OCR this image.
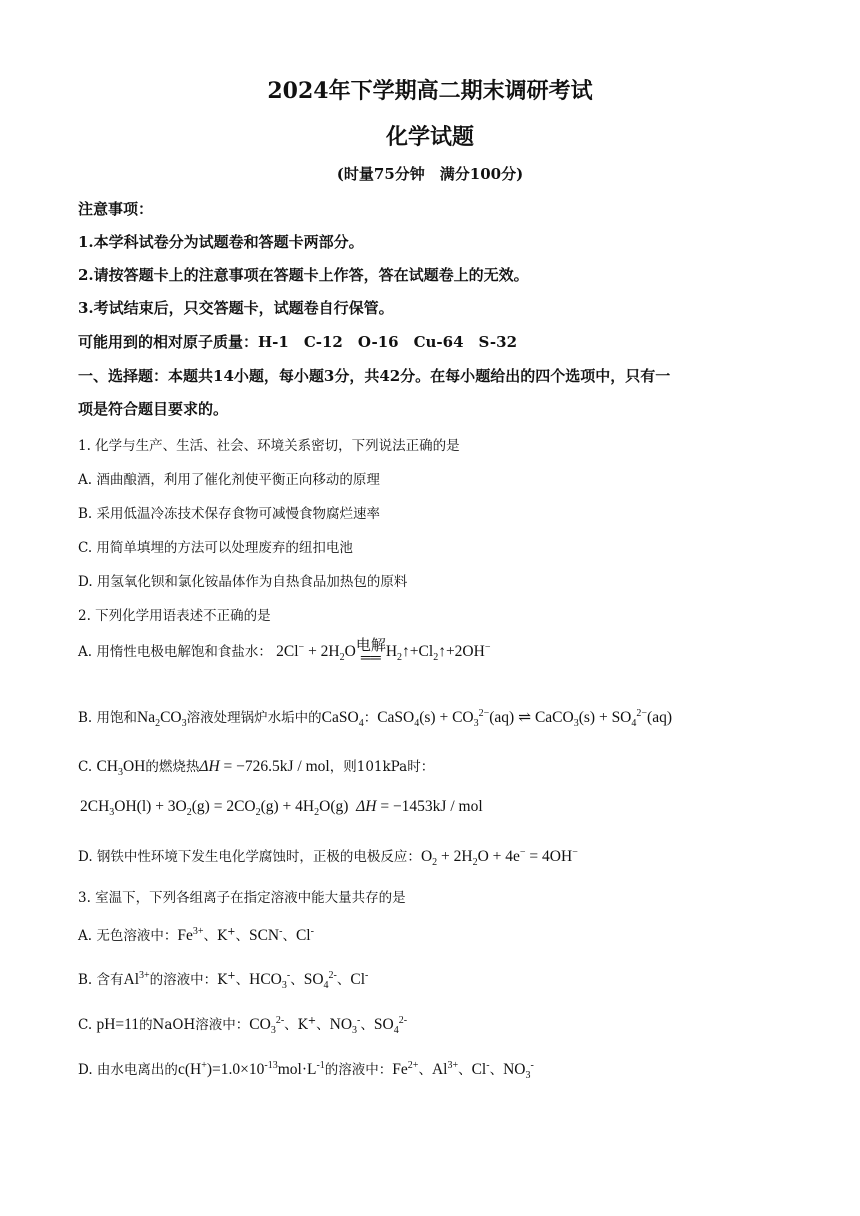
2024年下学期高二期末调研考试
化学试题
(时量75分钟　满分100分)
注意事项：
1.本学科试卷分为试题卷和答题卡两部分。
2.请按答题卡上的注意事项在答题卡上作答，答在试题卷上的无效。
3.考试结束后，只交答题卡，试题卷自行保管。
可能用到的相对原子质量：H-1　C-12　O-16　Cu-64　S-32
一、选择题：本题共14小题，每小题3分，共42分。在每小题给出的四个选项中，只有一
项是符合题目要求的。
1. 化学与生产、生活、社会、环境关系密切，下列说法正确的是
A. 酒曲酿酒，利用了催化剂使平衡正向移动的原理
B. 采用低温冷冻技术保存食物可减慢食物腐烂速率
C. 用简单填埋的方法可以处理废弃的纽扣电池
D. 用氢氧化钡和氯化铵晶体作为自热食品加热包的原料
2. 下列化学用语表述不正确的是
A. 用惰性电极电解饱和食盐水： $2Cl^- + 2H_2O$ 电解
══ $H_2↑+Cl_2↑+2OH^-$
B. 用饱和$Na_2CO_3$溶液处理锅炉水垢中的CaSO$_4$：CaSO$_4$(s) + $CO_3^{2-}(aq)$ ⇌ CaCO$_3$(s) + $SO_4^{2-}(aq)$
C. $CH_3OH$的燃烧热ΔH = −726.5kJ / mol，则101kPa时：
$2CH_3OH(l) + 3O_2(g) = 2CO_2(g) + 4H_2O(g) \Delta H = -1453kJ$ / mol
D. 钢铁中性环境下发生电化学腐蚀时，正极的电极反应：$O_2 + 2H_2O + 4e^- = 4OH^-$
3. 室温下，下列各组离子在指定溶液中能大量共存的是
A. 无色溶液中：$Fe^{3+}$、K+、SCN-、Cl-
B. 含有$Al^{3+}$的溶液中：K+、$HCO_3^-$、$SO_4^{2-}$、Cl-
C. pH=11的NaOH溶液中：$CO_3^{2-}$、K+、$NO_3^-$、$SO_4^{2-}$
D. 由水电离出的$c(H^+)=1.0\times 10^{-13}mol\cdot L^{-1}$的溶液中：$Fe^{2+}$、$Al^{3+}$、Cl-、$NO_3^-$
